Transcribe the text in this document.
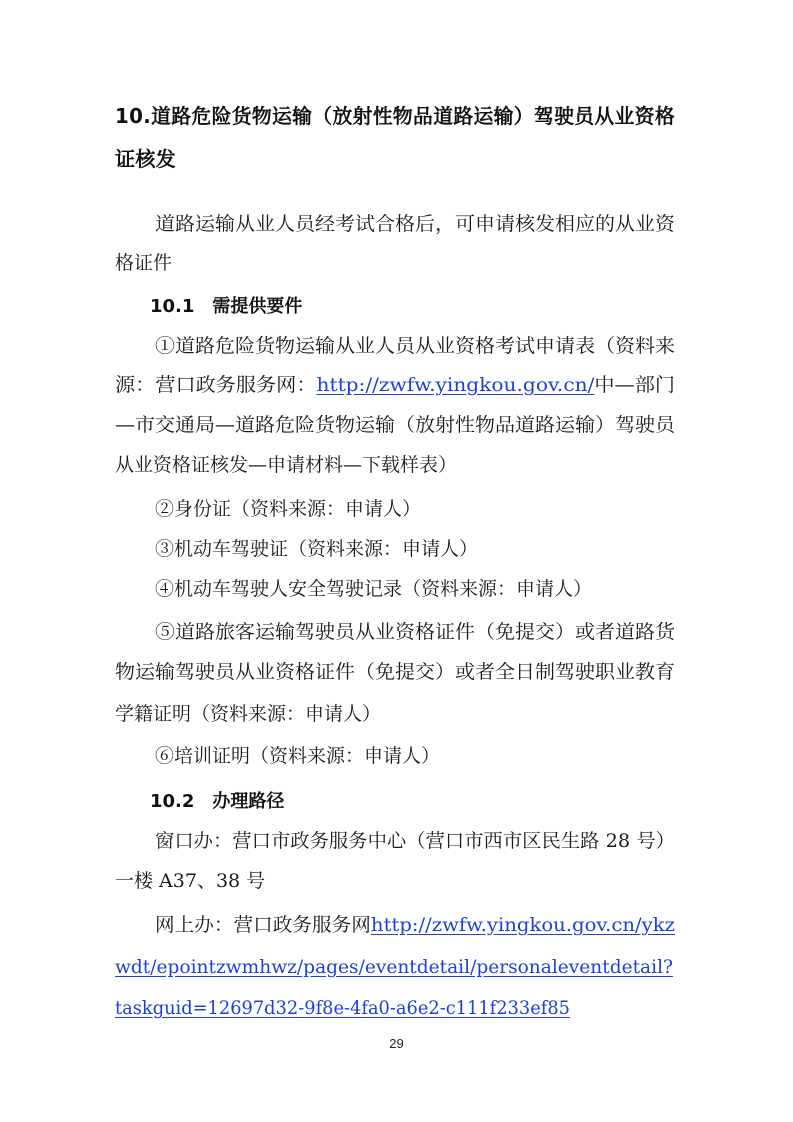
10.道路危险货物运输（放射性物品道路运输）驾驶员从业资格

证核发

道路运输从业人员经考试合格后，可申请核发相应的从业资

格证件

10.1　需提供要件

①道路危险货物运输从业人员从业资格考试申请表（资料来

源：营口政务服务网：http://zwfw.yingkou.gov.cn/中—部门

—市交通局—道路危险货物运输（放射性物品道路运输）驾驶员

从业资格证核发—申请材料—下载样表）

②身份证（资料来源：申请人）

③机动车驾驶证（资料来源：申请人）

④机动车驾驶人安全驾驶记录（资料来源：申请人）

⑤道路旅客运输驾驶员从业资格证件（免提交）或者道路货

物运输驾驶员从业资格证件（免提交）或者全日制驾驶职业教育

学籍证明（资料来源：申请人）

⑥培训证明（资料来源：申请人）

10.2　办理路径

窗口办：营口市政务服务中心（营口市西市区民生路 28 号）

一楼 A37、38 号

网上办：营口政务服务网http://zwfw.yingkou.gov.cn/ykz

wdt/epointzwmhwz/pages/eventdetail/personaleventdetail?

taskguid=12697d32-9f8e-4fa0-a6e2-c111f233ef85

29
